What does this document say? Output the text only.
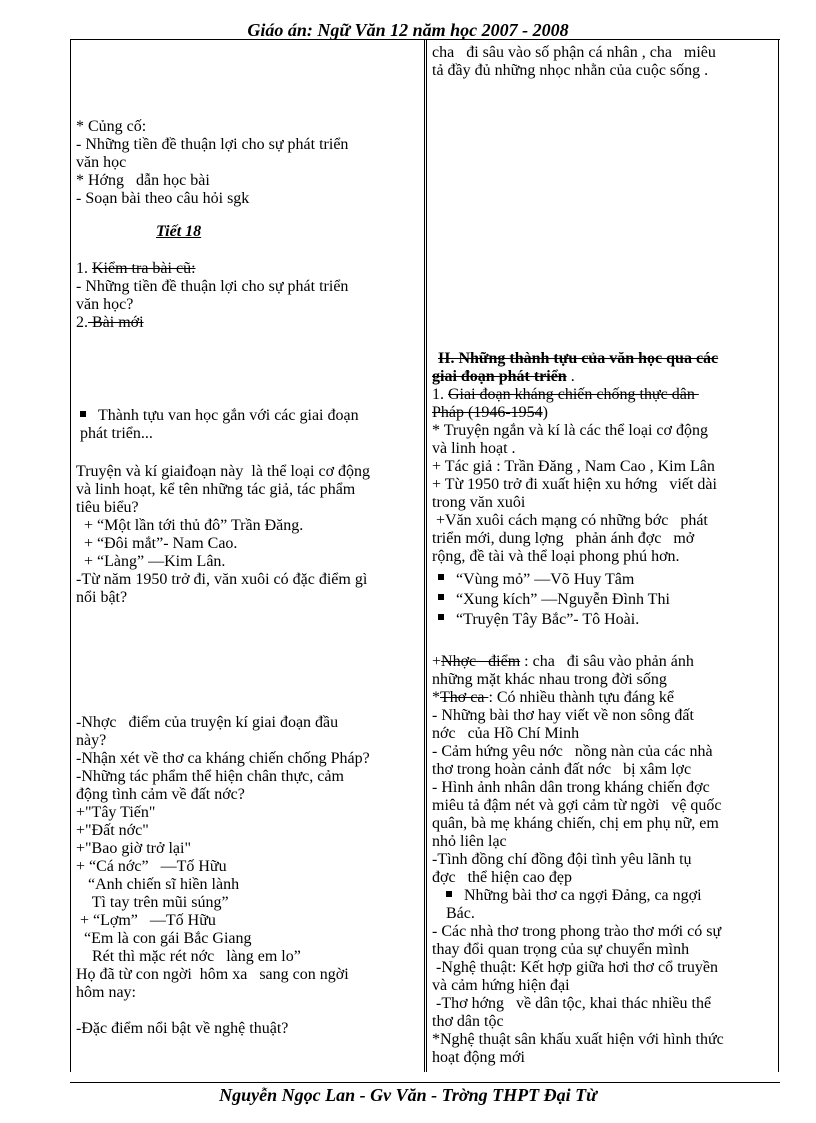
Giáo án: Ngữ Văn 12 năm học 2007 - 2008
* Củng cố:
- Những tiền đề thuận lợi cho sự phát triển
văn học
* Hớng   dẫn học bài
- Soạn bài theo câu hỏi sgk
Tiết 18
1. Kiểm tra bài cũ:
- Những tiền đề thuận lợi cho sự phát triển
văn học?
2. Bài mới
Thành tựu van học gắn với các giai đoạn
phát triển...
Truyện và kí giaiđoạn này  là thể loại cơ động
và linh hoạt, kể tên những tác giả, tác phẩm
tiêu biểu?
+ “Một lần tới thủ đô” Trần Đăng.
+ “Đôi mắt”- Nam Cao.
+ “Làng” —Kim Lân.
-Từ năm 1950 trở đi, văn xuôi có đặc điểm gì
nổi bật?
-Nhợc   điểm của truyện kí giai đoạn đầu
này?
-Nhận xét về thơ ca kháng chiến chống Pháp?
-Những tác phẩm thể hiện chân thực, cảm
động tình cảm về đất nớc?
+"Tây Tiến"
+"Đất nớc"
+"Bao giờ trở lại"
+ “Cá nớc”   —Tố Hữu
“Anh chiến sĩ hiền lành
Tì tay trên mũi súng”
+ “Lợm”   —Tố Hữu
“Em là con gái Bắc Giang
Rét thì mặc rét nớc   làng em lo”
Họ đã từ con ngời  hôm xa   sang con ngời
hôm nay:
-Đặc điểm nổi bật về nghệ thuật?
cha   đi sâu vào số phận cá nhân , cha   miêu
tả đầy đủ những nhọc nhằn của cuộc sống .
II. Những thành tựu của văn học qua các
giai đoạn phát triển .
1. Giai đoạn kháng chiến chống thực dân
Pháp (1946-1954)
* Truyện ngắn và kí là các thể loại cơ động
và linh hoạt .
+ Tác giả : Trần Đăng , Nam Cao , Kim Lân
+ Từ 1950 trở đi xuất hiện xu hớng   viết dài
trong văn xuôi
+Văn xuôi cách mạng có những bớc   phát
triển mới, dung lợng   phản ánh đợc   mở
rộng, đề tài và thể loại phong phú hơn.
“Vùng mỏ” —Võ Huy Tâm
“Xung kích” —Nguyễn Đình Thi
“Truyện Tây Bắc”- Tô Hoài.
+Nhợc   điểm : cha   đi sâu vào phản ánh
những mặt khác nhau trong đời sống
*Thơ ca : Có nhiều thành tựu đáng kể
- Những bài thơ hay viết về non sông đất
nớc   của Hồ Chí Minh
- Cảm hứng yêu nớc   nồng nàn của các nhà
thơ trong hoàn cảnh đất nớc   bị xâm lợc
- Hình ảnh nhân dân trong kháng chiến đợc
miêu tả đậm nét và gợi cảm từ ngời   vệ quốc
quân, bà mẹ kháng chiến, chị em phụ nữ, em
nhỏ liên lạc
-Tình đồng chí đồng đội tình yêu lãnh tụ
đợc   thể hiện cao đẹp
Những bài thơ ca ngợi Đảng, ca ngợi
Bác.
- Các nhà thơ trong phong trào thơ mới có sự
thay đổi quan trọng của sự chuyển mình
-Nghệ thuật: Kết hợp giữa hơi thơ cổ truyền
và cảm hứng hiện đại
-Thơ hớng   về dân tộc, khai thác nhiều thể
thơ dân tộc
*Nghệ thuật sân khấu xuất hiện với hình thức
hoạt động mới
Nguyễn Ngọc Lan - Gv Văn - Trờng THPT Đại Từ
